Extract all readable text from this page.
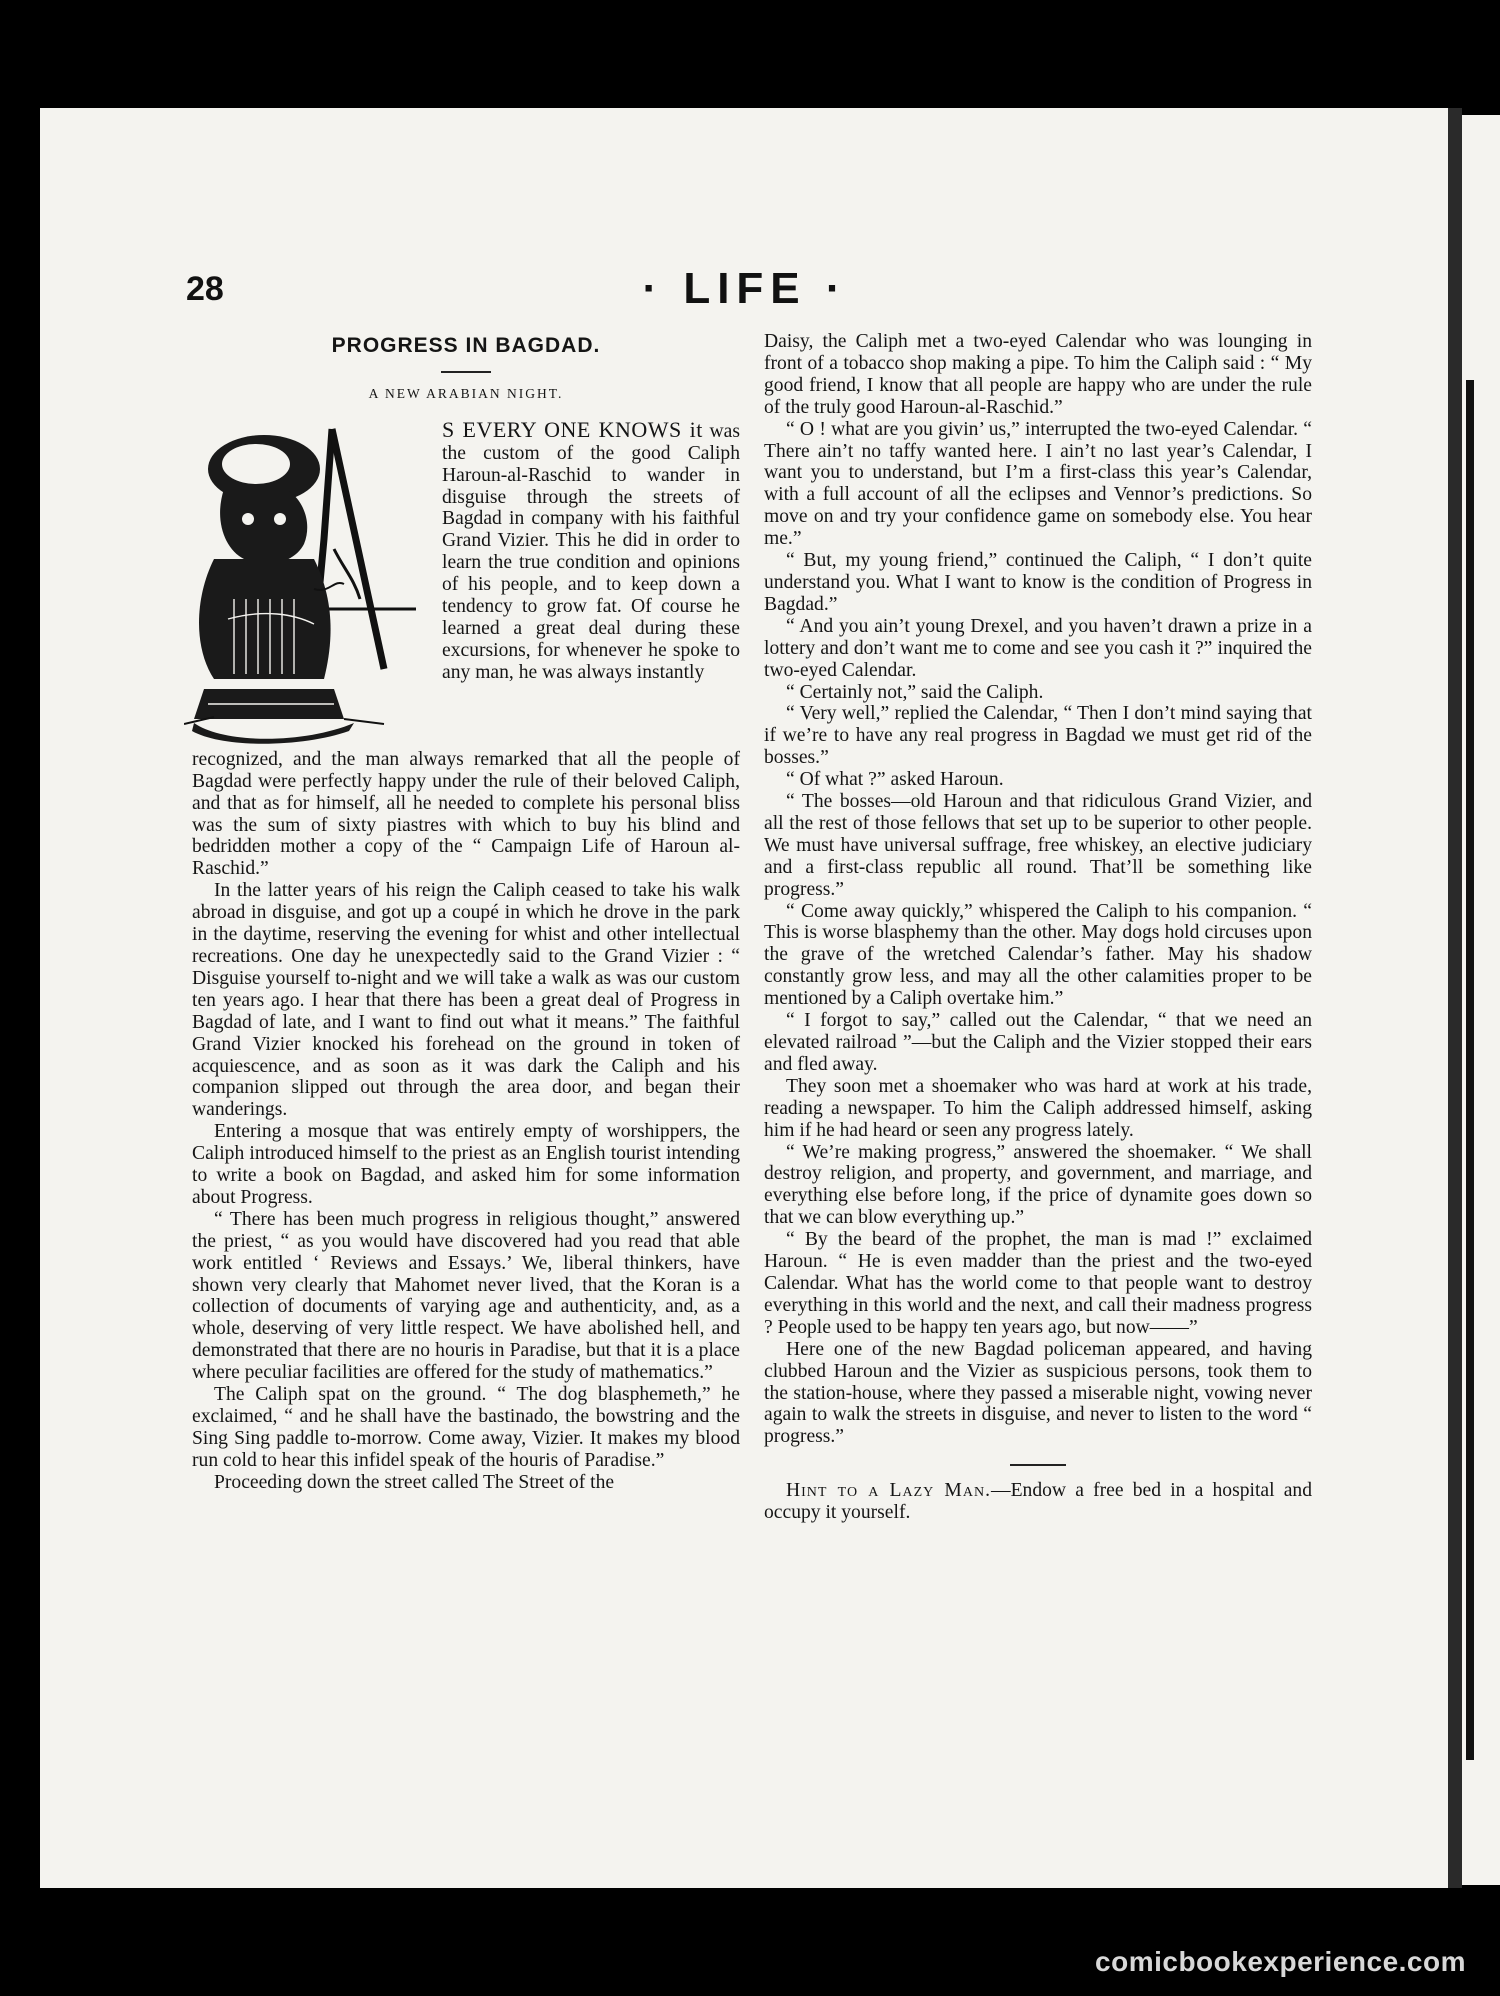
28	· LIFE ·
PROGRESS IN BAGDAD.
A NEW ARABIAN NIGHT.
S EVERY ONE KNOWS it was the custom of the good Caliph Haroun-al-Raschid to wander in disguise through the streets of Bagdad in company with his faithful Grand Vizier. This he did in order to learn the true condition and opinions of his people, and to keep down a tendency to grow fat. Of course he learned a great deal during these excursions, for whenever he spoke to any man, he was always instantly

recognized, and the man always remarked that all the people of Bagdad were perfectly happy under the rule of their beloved Caliph, and that as for himself, all he needed to complete his personal bliss was the sum of sixty piastres with which to buy his blind and bedridden mother a copy of the “ Campaign Life of Haroun al-Raschid.”

In the latter years of his reign the Caliph ceased to take his walk abroad in disguise, and got up a coupé in which he drove in the park in the daytime, reserving the evening for whist and other intellectual recreations. One day he unexpectedly said to the Grand Vizier : “ Disguise yourself to-night and we will take a walk as was our custom ten years ago. I hear that there has been a great deal of Progress in Bagdad of late, and I want to find out what it means.” The faithful Grand Vizier knocked his forehead on the ground in token of acquiescence, and as soon as it was dark the Caliph and his companion slipped out through the area door, and began their wanderings.

Entering a mosque that was entirely empty of worshippers, the Caliph introduced himself to the priest as an English tourist intending to write a book on Bagdad, and asked him for some information about Progress.

“ There has been much progress in religious thought,” answered the priest, “ as you would have discovered had you read that able work entitled ‘ Reviews and Essays.’ We, liberal thinkers, have shown very clearly that Mahomet never lived, that the Koran is a collection of documents of varying age and authenticity, and, as a whole, deserving of very little respect. We have abolished hell, and demonstrated that there are no houris in Paradise, but that it is a place where peculiar facilities are offered for the study of mathematics.”

The Caliph spat on the ground. “ The dog blasphemeth,” he exclaimed, “ and he shall have the bastinado, the bowstring and the Sing Sing paddle to-morrow. Come away, Vizier. It makes my blood run cold to hear this infidel speak of the houris of Paradise.”

Proceeding down the street called The Street of the

Daisy, the Caliph met a two-eyed Calendar who was lounging in front of a tobacco shop making a pipe. To him the Caliph said : “ My good friend, I know that all people are happy who are under the rule of the truly good Haroun-al-Raschid.”

“ O ! what are you givin’ us,” interrupted the two-eyed Calendar. “ There ain’t no taffy wanted here. I ain’t no last year’s Calendar, I want you to understand, but I’m a first-class this year’s Calendar, with a full account of all the eclipses and Vennor’s predictions. So move on and try your confidence game on somebody else. You hear me.”

“ But, my young friend,” continued the Caliph, “ I don’t quite understand you. What I want to know is the condition of Progress in Bagdad.”

“ And you ain’t young Drexel, and you haven’t drawn a prize in a lottery and don’t want me to come and see you cash it ?” inquired the two-eyed Calendar.

“ Certainly not,” said the Caliph.

“ Very well,” replied the Calendar, “ Then I don’t mind saying that if we’re to have any real progress in Bagdad we must get rid of the bosses.”

“ Of what ?” asked Haroun.

“ The bosses—old Haroun and that ridiculous Grand Vizier, and all the rest of those fellows that set up to be superior to other people. We must have universal suffrage, free whiskey, an elective judiciary and a first-class republic all round. That’ll be something like progress.”

“ Come away quickly,” whispered the Caliph to his companion. “ This is worse blasphemy than the other. May dogs hold circuses upon the grave of the wretched Calendar’s father. May his shadow constantly grow less, and may all the other calamities proper to be mentioned by a Caliph overtake him.”

“ I forgot to say,” called out the Calendar, “ that we need an elevated railroad ”—but the Caliph and the Vizier stopped their ears and fled away.

They soon met a shoemaker who was hard at work at his trade, reading a newspaper. To him the Caliph addressed himself, asking him if he had heard or seen any progress lately.

“ We’re making progress,” answered the shoemaker. “ We shall destroy religion, and property, and government, and marriage, and everything else before long, if the price of dynamite goes down so that we can blow everything up.”

“ By the beard of the prophet, the man is mad !” exclaimed Haroun. “ He is even madder than the priest and the two-eyed Calendar. What has the world come to that people want to destroy everything in this world and the next, and call their madness progress ? People used to be happy ten years ago, but now——”

Here one of the new Bagdad policeman appeared, and having clubbed Haroun and the Vizier as suspicious persons, took them to the station-house, where they passed a miserable night, vowing never again to walk the streets in disguise, and never to listen to the word “ progress.”

Hint to a Lazy Man.—Endow a free bed in a hospital and occupy it yourself.

comicbookexperience.com
